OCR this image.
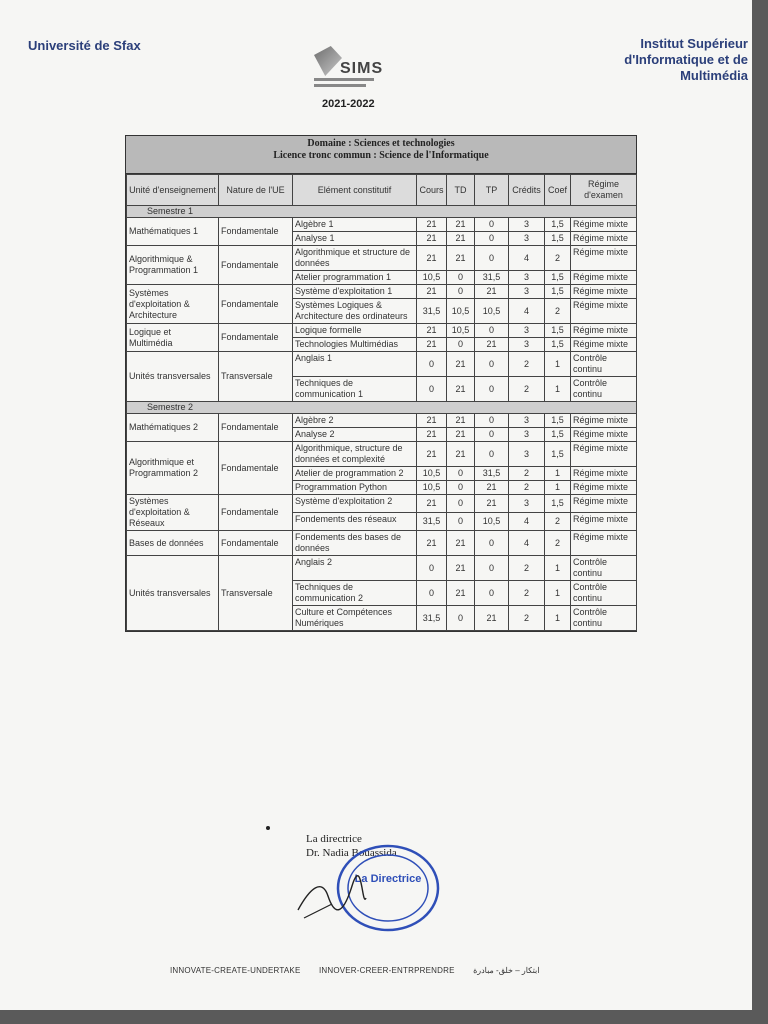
Université de Sfax
SIMS
Institut Supérieur
d'Informatique et de
Multimédia
2021-2022
Domaine : Sciences et technologies
Licence tronc commun : Science de l'Informatique
Unité d'enseignement	Nature de l'UE	Elément constitutif	Cours	TD	TP	Crédits	Coef	Régime d'examen
Semestre 1								
Mathématiques 1	Fondamentale	Algèbre 1	21	21	0	3	1,5	Régime mixte
		Analyse 1	21	21	0	3	1,5	Régime mixte
Algorithmique & Programmation 1	Fondamentale	Algorithmique et structure de données	21	21	0	4	2	Régime mixte
		Atelier programmation 1	10,5	0	31,5	3	1,5	Régime mixte
Systèmes d'exploitation & Architecture	Fondamentale	Système d'exploitation 1	21	0	21	3	1,5	Régime mixte
		Systèmes Logiques & Architecture des ordinateurs	31,5	10,5	10,5	4	2	Régime mixte
Logique et Multimédia	Fondamentale	Logique formelle	21	10,5	0	3	1,5	Régime mixte
		Technologies Multimédias	21	0	21	3	1,5	Régime mixte
Unités transversales	Transversale	Anglais 1	0	21	0	2	1	Contrôle continu
		Techniques de communication 1	0	21	0	2	1	Contrôle continu
Semestre 2								
Mathématiques 2	Fondamentale	Algèbre 2	21	21	0	3	1,5	Régime mixte
		Analyse 2	21	21	0	3	1,5	Régime mixte
Algorithmique et Programmation 2	Fondamentale	Algorithmique, structure de données et complexité	21	21	0	3	1,5	Régime mixte
		Atelier de programmation 2	10,5	0	31,5	2	1	Régime mixte
		Programmation Python	10,5	0	21	2	1	Régime mixte
Systèmes d'exploitation & Réseaux	Fondamentale	Système d'exploitation 2	21	0	21	3	1,5	Régime mixte
		Fondements des réseaux	31,5	0	10,5	4	2	Régime mixte
Bases de données	Fondamentale	Fondements des bases de données	21	21	0	4	2	Régime mixte
Unités transversales	Transversale	Anglais 2	0	21	0	2	1	Contrôle continu
		Techniques de communication 2	0	21	0	2	1	Contrôle continu
		Culture et Compétences Numériques	31,5	0	21	2	1	Contrôle continu
La directrice
Dr. Nadia Bouassida
La Directrice
INNOVATE-CREATE-UNDERTAKE INNOVER-CREER-ENTRPRENDRE ابتكار – خلق- مبادرة
